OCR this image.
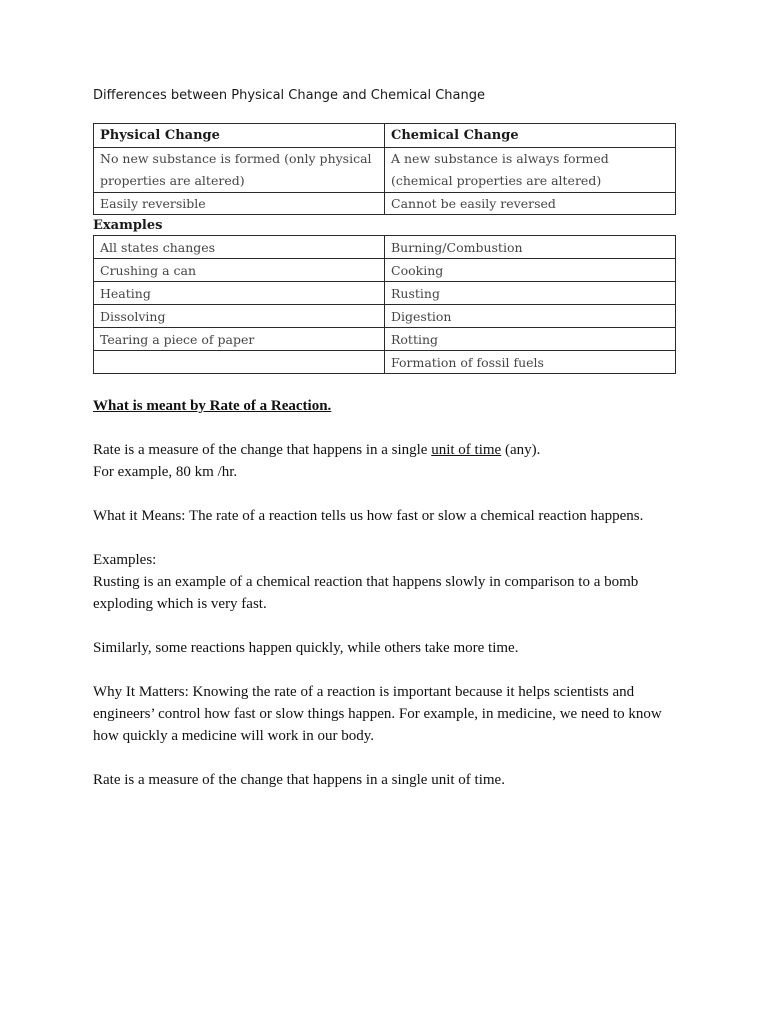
Differences between Physical Change and Chemical Change
Physical Change	Chemical Change
No new substance is formed (only physical properties are altered)	A new substance is always formed (chemical properties are altered)
Easily reversible	Cannot be easily reversed
Examples
All states changes	Burning/Combustion
Crushing a can	Cooking
Heating	Rusting
Dissolving	Digestion
Tearing a piece of paper	Rotting
	Formation of fossil fuels

What is meant by Rate of a Reaction.

Rate is a measure of the change that happens in a single unit of time (any).

For example, 80 km /hr.

What it Means: The rate of a reaction tells us how fast or slow a chemical reaction happens.

Examples:

Rusting is an example of a chemical reaction that happens slowly in comparison to a bomb exploding which is very fast.

Similarly, some reactions happen quickly, while others take more time.

Why It Matters: Knowing the rate of a reaction is important because it helps scientists and engineers’ control how fast or slow things happen. For example, in medicine, we need to know how quickly a medicine will work in our body.

Rate is a measure of the change that happens in a single unit of time.
